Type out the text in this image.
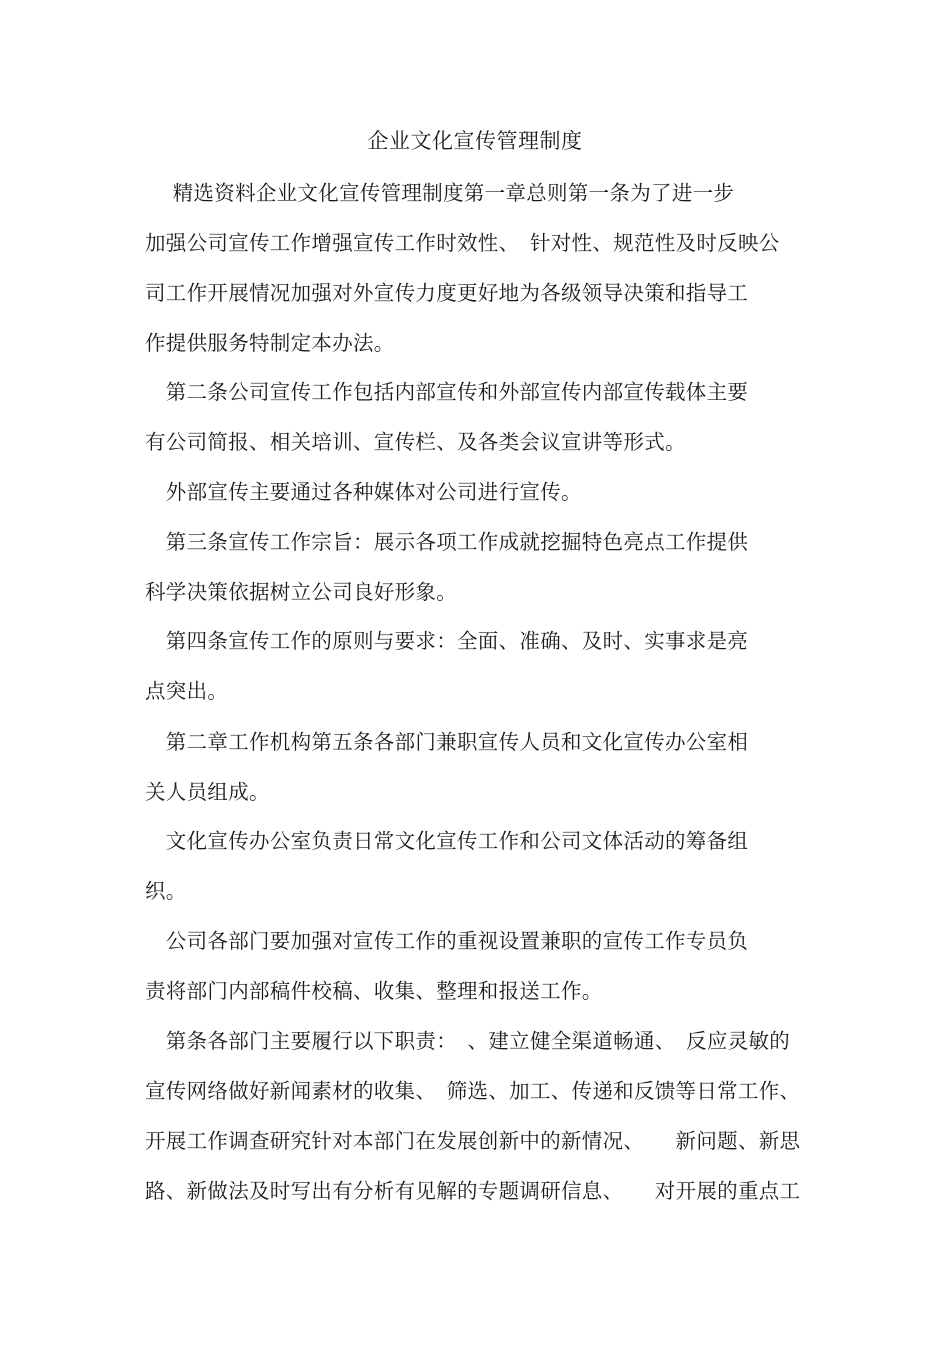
企业文化宣传管理制度
　 精选资料企业文化宣传管理制度第一章总则第一条为了进一步
加强公司宣传工作增强宣传工作时效性、　针对性、规范性及时反映公
司工作开展情况加强对外宣传力度更好地为各级领导决策和指导工
作提供服务特制定本办法。
　第二条公司宣传工作包括内部宣传和外部宣传内部宣传载体主要
有公司简报、相关培训、宣传栏、及各类会议宣讲等形式。
　外部宣传主要通过各种媒体对公司进行宣传。
　第三条宣传工作宗旨：展示各项工作成就挖掘特色亮点工作提供
科学决策依据树立公司良好形象。
　第四条宣传工作的原则与要求：全面、准确、及时、实事求是亮
点突出。
　第二章工作机构第五条各部门兼职宣传人员和文化宣传办公室相
关人员组成。
　文化宣传办公室负责日常文化宣传工作和公司文体活动的筹备组
织。
　公司各部门要加强对宣传工作的重视设置兼职的宣传工作专员负
责将部门内部稿件校稿、收集、整理和报送工作。
　第条各部门主要履行以下职责：　、建立健全渠道畅通、　反应灵敏的
宣传网络做好新闻素材的收集、　筛选、加工、传递和反馈等日常工作、
开展工作调查研究针对本部门在发展创新中的新情况、　　新问题、新思
路、新做法及时写出有分析有见解的专题调研信息、　　对开展的重点工
